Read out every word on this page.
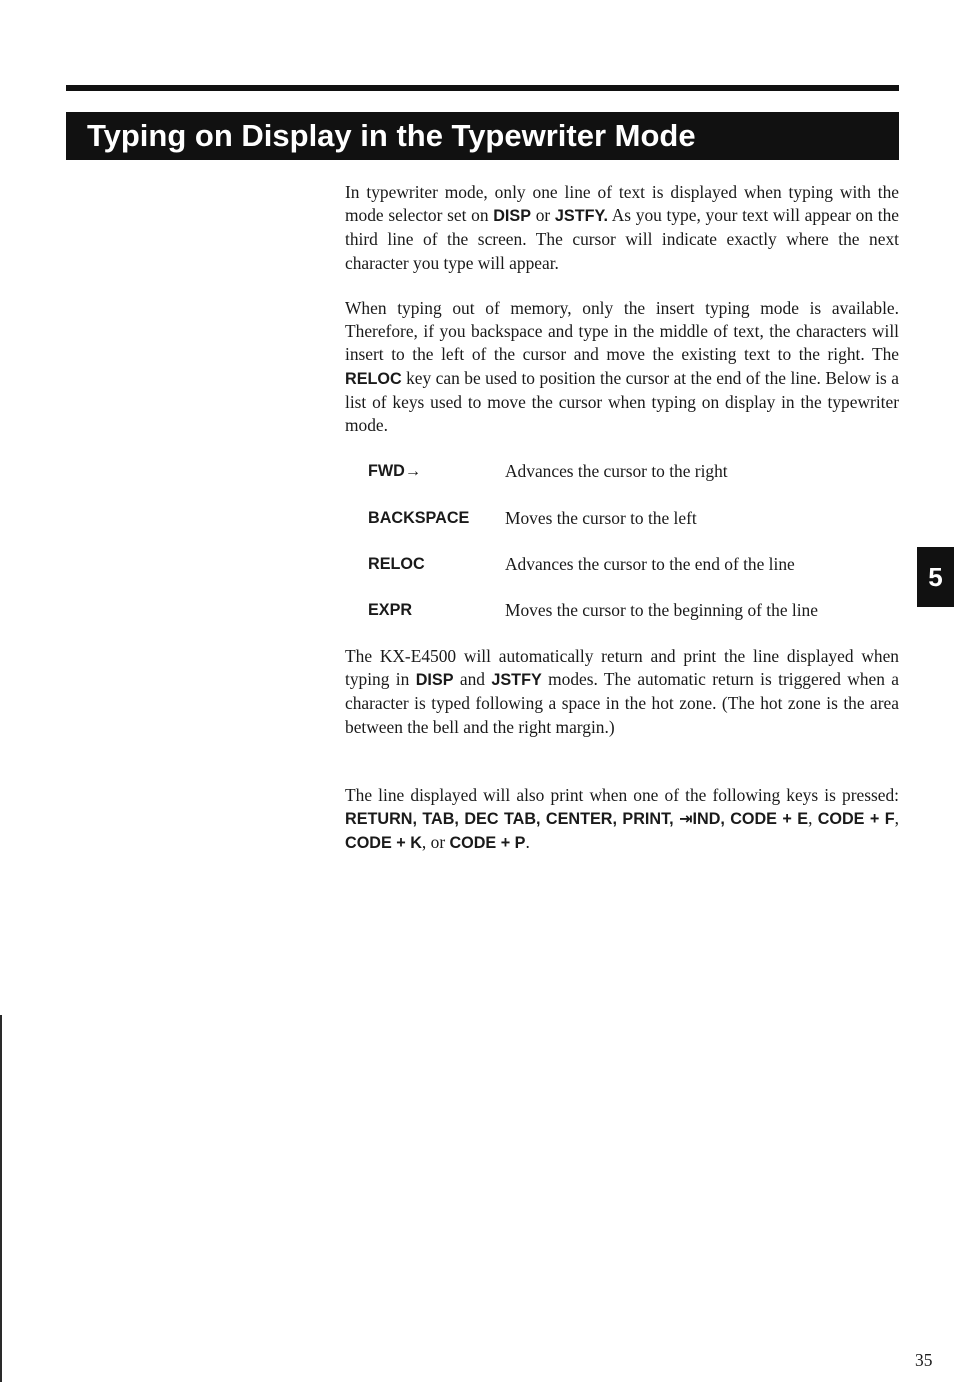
Typing on Display in the Typewriter Mode

In typewriter mode, only one line of text is displayed when typing with the mode selector set on DISP or JSTFY. As you type, your text will appear on the third line of the screen. The cursor will indicate exactly where the next character you type will appear.

When typing out of memory, only the insert typing mode is available. Therefore, if you backspace and type in the middle of text, the characters will insert to the left of the cursor and move the existing text to the right. The RELOC key can be used to position the cursor at the end of the line. Below is a list of keys used to move the cursor when typing on display in the typewriter mode.

FWD→	Advances the cursor to the right
BACKSPACE Moves the cursor to the left
RELOC	Advances the cursor to the end of the line
EXPR	Moves the cursor to the beginning of the line

The KX-E4500 will automatically return and print the line displayed when typing in DISP and JSTFY modes. The automatic return is triggered when a character is typed following a space in the hot zone. (The hot zone is the area between the bell and the right margin.)

The line displayed will also print when one of the following keys is pressed: RETURN, TAB, DEC TAB, CENTER, PRINT, ⇥IND, CODE + E, CODE + F, CODE + K, or CODE + P.

5
35
